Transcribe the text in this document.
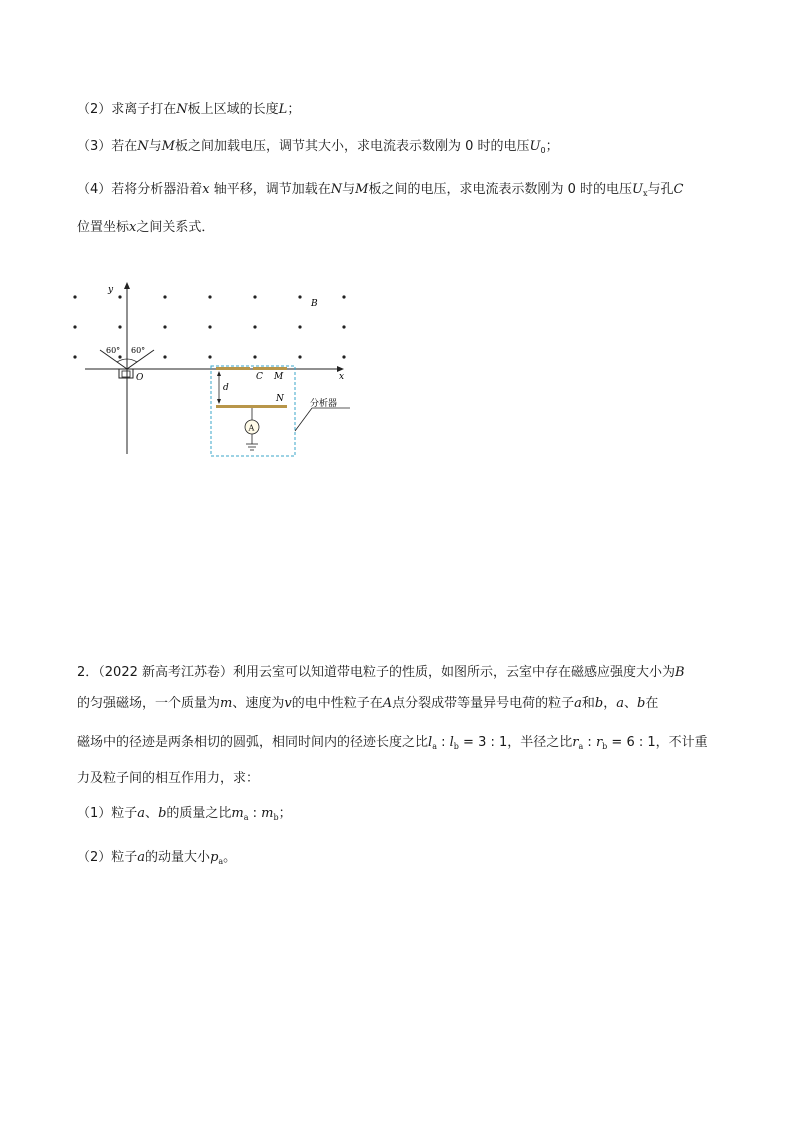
（2）求离子打在N板上区域的长度L；
（3）若在N与M板之间加载电压，调节其大小，求电流表示数刚为 0 时的电压$U_0$；
（4）若将分析器沿着x 轴平移，调节加载在N与M板之间的电压，求电流表示数刚为 0 时的电压$U_x$与孔C
位置坐标x之间关系式．
y
x
B
60° 60°
O
分析器
C M
N
d
A
2．（2022 新高考江苏卷）利用云室可以知道带电粒子的性质，如图所示，云室中存在磁感应强度大小为B
的匀强磁场，一个质量为m、速度为v的电中性粒子在A点分裂成带等量异号电荷的粒子a和b，a、b在
磁场中的径迹是两条相切的圆弧，相同时间内的径迹长度之比$l_a$ : $l_b = 3$ : 1，半径之比$r_a$ : $r_b = 6$ : 1，不计重
力及粒子间的相互作用力，求：
（1）粒子a、b的质量之比$m_a$ : $m_b$；
（2）粒子a的动量大小$p_a$。
